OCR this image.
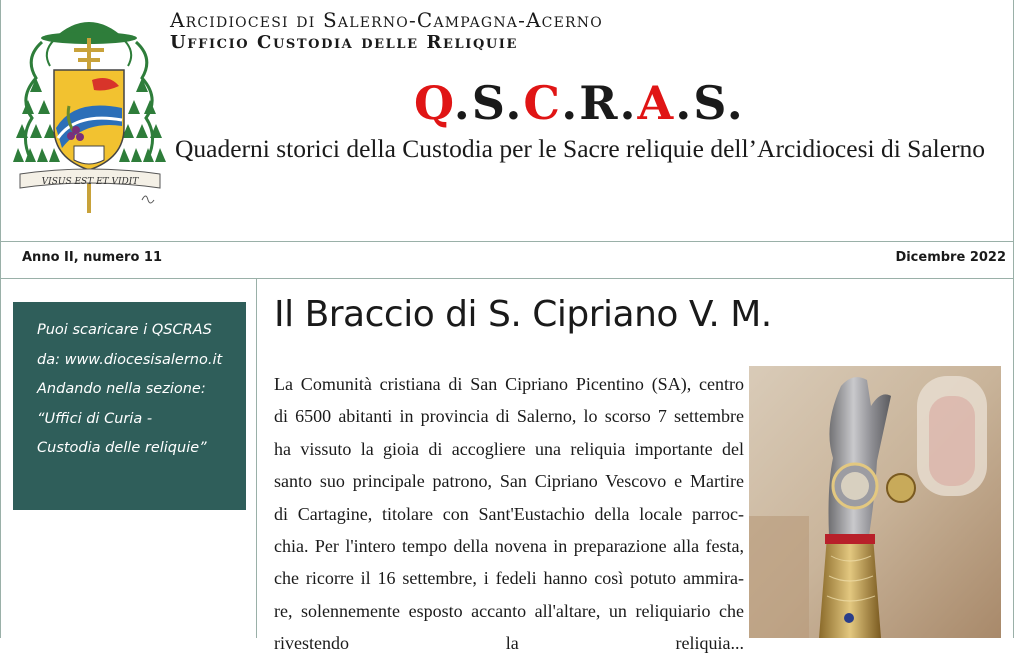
VISUS EST ET VIDIT
Arcidiocesi di Salerno-Campagna-Acerno
Ufficio Custodia delle Reliquie
Q.S.C.R.A.S.
Quaderni storici della Custodia per le Sacre reliquie dell’Arcidiocesi di Salerno
Anno II, numero 11	Dicembre 2022
Puoi scaricare i QSCRAS
da: www.diocesisalerno.it
Andando nella sezione:
“Uffici di Curia -
Custodia delle reliquie”
Il Braccio di S. Cipriano V. M.
La Comunità cristiana di San Cipriano Picentino (SA), centro
di 6500 abitanti in provincia di Salerno, lo scorso 7 settembre
ha vissuto la gioia di accogliere una reliquia importante del
santo suo principale patrono, San Cipriano Vescovo e Martire
di Cartagine, titolare con Sant'Eustachio della locale parroc-
chia. Per l'intero tempo della novena in preparazione alla festa,
che ricorre il 16 settembre, i fedeli hanno così potuto ammira-
re, solennemente esposto accanto all'altare, un reliquiario che
rivestendo la reliquia...
